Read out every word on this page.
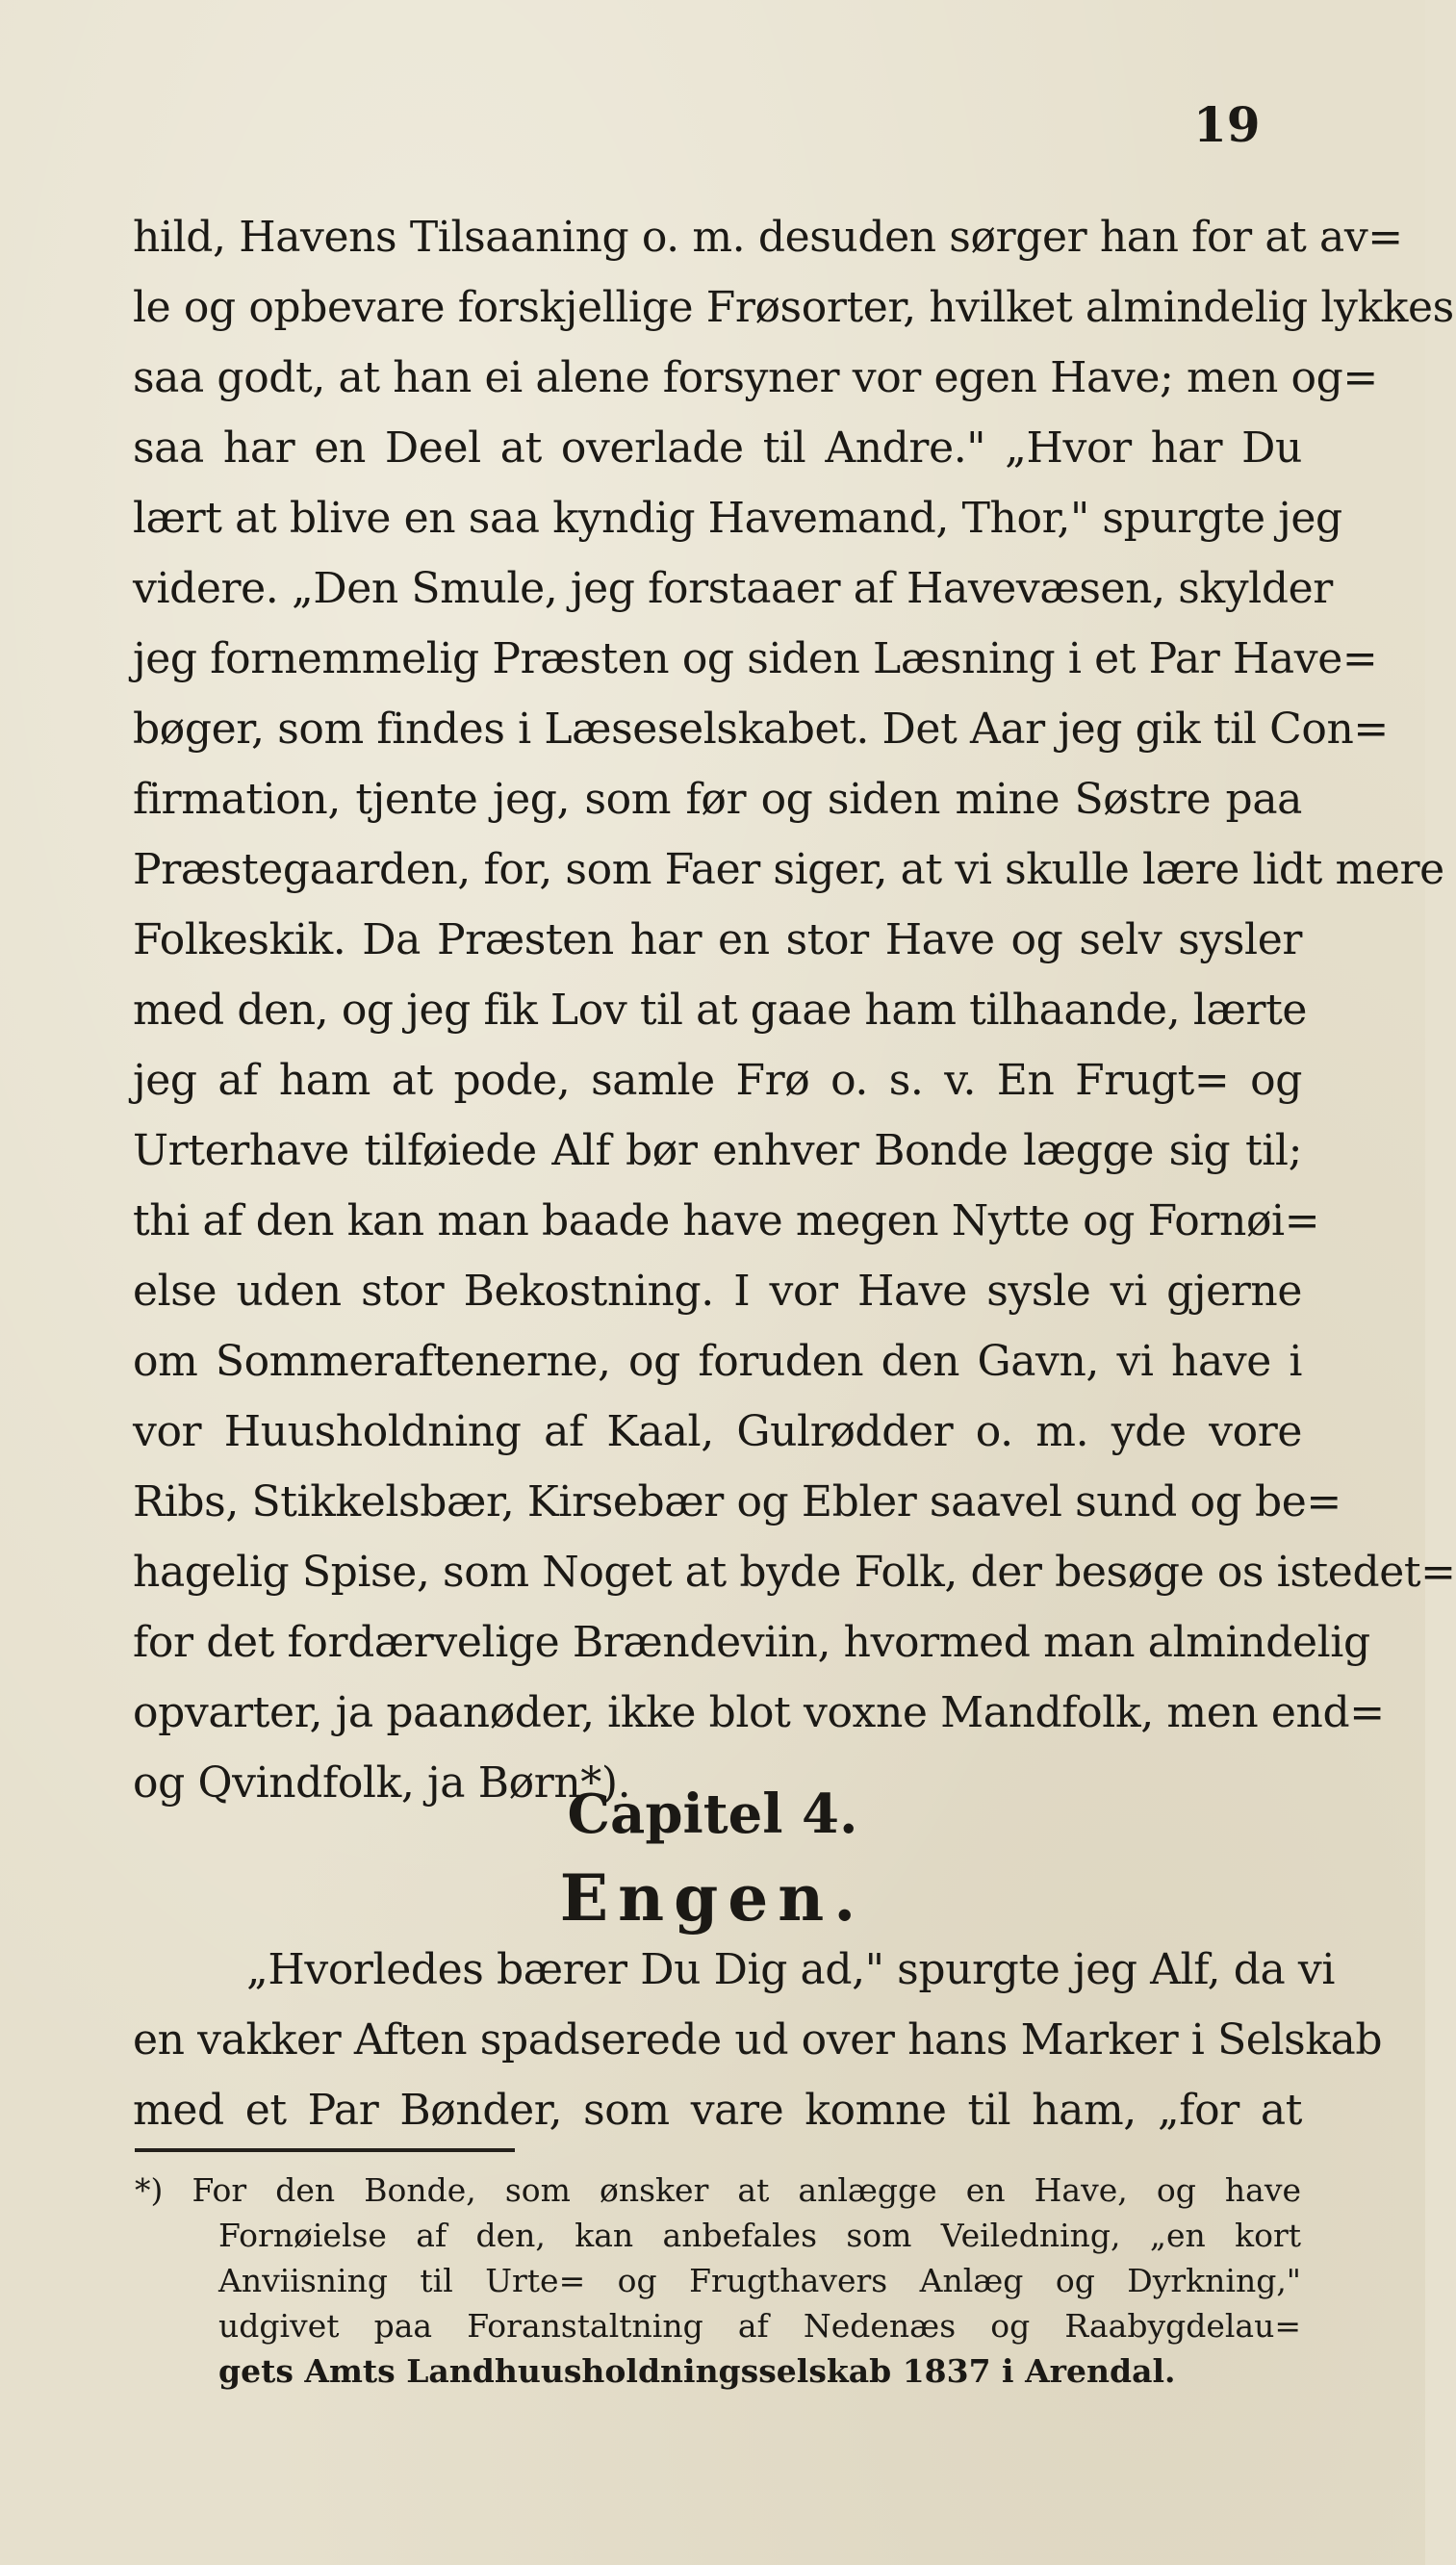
19
hild, Havens Tilsaaning o. m. desuden sørger han for at av=
le og opbevare forskjellige Frøsorter, hvilket almindelig lykkes
saa godt, at han ei alene forsyner vor egen Have; men og=
saa har en Deel at overlade til Andre." „Hvor har Du
lært at blive en saa kyndig Havemand, Thor," spurgte jeg
videre. „Den Smule, jeg forstaaer af Havevæsen, skylder
jeg fornemmelig Præsten og siden Læsning i et Par Have=
bøger, som findes i Læseselskabet. Det Aar jeg gik til Con=
firmation, tjente jeg, som før og siden mine Søstre paa
Præstegaarden, for, som Faer siger, at vi skulle lære lidt mere
Folkeskik. Da Præsten har en stor Have og selv sysler
med den, og jeg fik Lov til at gaae ham tilhaande, lærte
jeg af ham at pode, samle Frø o. s. v. En Frugt= og
Urterhave tilføiede Alf bør enhver Bonde lægge sig til;
thi af den kan man baade have megen Nytte og Fornøi=
else uden stor Bekostning. I vor Have sysle vi gjerne
om Sommeraftenerne, og foruden den Gavn, vi have i
vor Huusholdning af Kaal, Gulrødder o. m. yde vore
Ribs, Stikkelsbær, Kirsebær og Ebler saavel sund og be=
hagelig Spise, som Noget at byde Folk, der besøge os istedet=
for det fordærvelige Brændeviin, hvormed man almindelig
opvarter, ja paanøder, ikke blot voxne Mandfolk, men end=
og Qvindfolk, ja Børn*).
Capitel 4.
Engen.
„Hvorledes bærer Du Dig ad," spurgte jeg Alf, da vi
en vakker Aften spadserede ud over hans Marker i Selskab
med et Par Bønder, som vare komne til ham, „for at
*) For den Bonde, som ønsker at anlægge en Have, og have
Fornøielse af den, kan anbefales som Veiledning, „en kort
Anviisning til Urte= og Frugthavers Anlæg og Dyrkning,"
udgivet paa Foranstaltning af Nedenæs og Raabygdelau=
gets Amts Landhuusholdningsselskab 1837 i Arendal.
